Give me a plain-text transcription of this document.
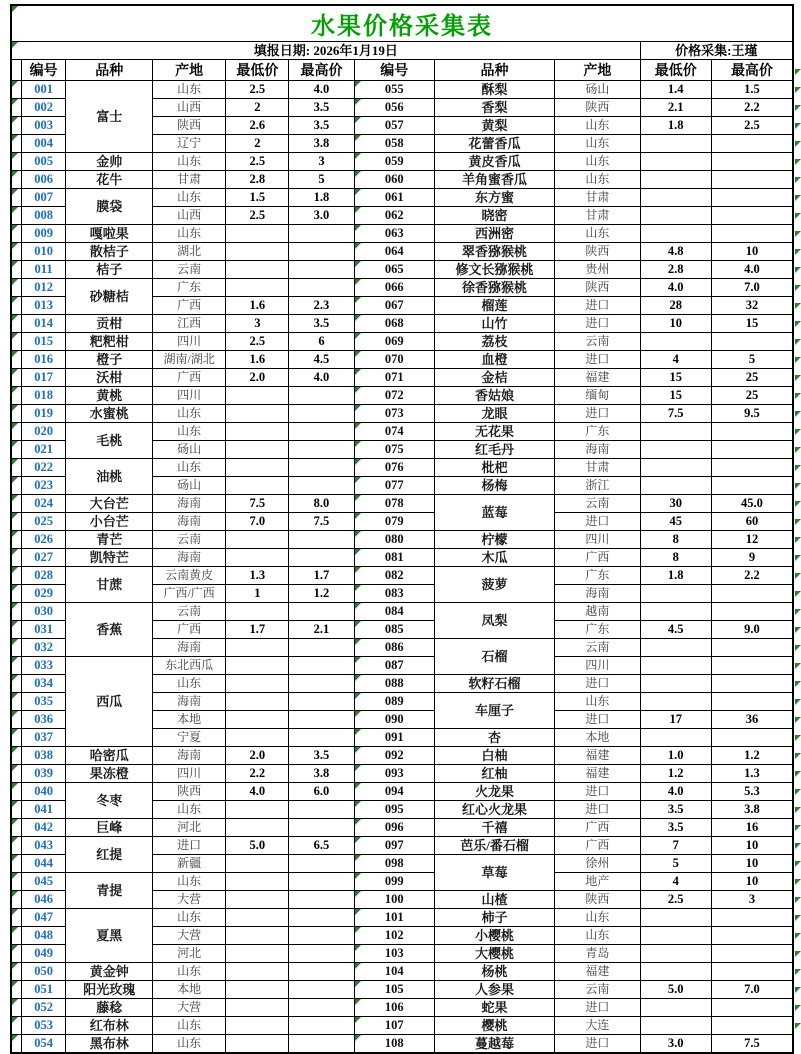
水果价格采集表										

填报日期: 2026年1月19日									价格采集:王瑾	
	编号	品种	产地	最低价	最高价	编号	品种	产地	最低价	最高价

	001	富士	山东	2.5	4.0	055	酥梨	砀山	1.4	1.5

	002		山西	2	3.5	056	香梨	陕西	2.1	2.2

	003		陕西	2.6	3.5	057	黄梨	山东	1.8	2.5

	004		辽宁	2	3.8	058	花蕾香瓜	山东		

	005	金帅	山东	2.5	3	059	黄皮香瓜	山东		

	006	花牛	甘肃	2.8	5	060	羊角蜜香瓜	山东		

	007	膜袋	山东	1.5	1.8	061	东方蜜	甘肃		

	008		山西	2.5	3.0	062	晓密	甘肃		

	009	嘎啦果	山东			063	西洲密	山东		

	010	散桔子	湖北			064	翠香猕猴桃	陕西	4.8	10

	011	桔子	云南			065	修文长猕猴桃	贵州	2.8	4.0

	012	砂糖桔	广东			066	徐香猕猴桃	陕西	4.0	7.0

	013		广西	1.6	2.3	067	榴莲	进口	28	32

	014	贡柑	江西	3	3.5	068	山竹	进口	10	15

	015	粑粑柑	四川	2.5	6	069	荔枝	云南		

	016	橙子	湖南/湖北	1.6	4.5	070	血橙	进口	4	5

	017	沃柑	广西	2.0	4.0	071	金桔	福建	15	25

	018	黄桃	四川			072	香姑娘	缅甸	15	25

	019	水蜜桃	山东			073	龙眼	进口	7.5	9.5

	020	毛桃	山东			074	无花果	广东		

	021		砀山			075	红毛丹	海南		

	022	油桃	山东			076	枇杷	甘肃		

	023		砀山			077	杨梅	浙江		

	024	大台芒	海南	7.5	8.0	078	蓝莓	云南	30	45.0

	025	小台芒	海南	7.0	7.5	079		进口	45	60

	026	青芒	云南			080	柠檬	四川	8	12

	027	凯特芒	海南			081	木瓜	广西	8	9

	028	甘蔗	云南黄皮	1.3	1.7	082	菠萝	广东	1.8	2.2

	029		广西/广西	1	1.2	083		海南		

	030	香蕉	云南			084	凤梨	越南		

	031		广西	1.7	2.1	085		广东	4.5	9.0

	032		海南			086	石榴	云南		

	033	西瓜	东北西瓜			087		四川		

	034		山东			088	软籽石榴	进口		

	035		海南			089	车厘子	山东		

	036		本地			090		进口	17	36

	037		宁夏			091	杏	本地		

	038	哈密瓜	海南	2.0	3.5	092	白柚	福建	1.0	1.2

	039	果冻橙	四川	2.2	3.8	093	红柚	福建	1.2	1.3

	040	冬枣	陕西	4.0	6.0	094	火龙果	进口	4.0	5.3

	041		山东			095	红心火龙果	进口	3.5	3.8

	042	巨峰	河北			096	千禧	广西	3.5	16

	043	红提	进口	5.0	6.5	097	芭乐/番石榴	广西	7	10

	044		新疆			098	草莓	徐州	5	10

	045	青提	山东			099		地产	4	10

	046		大营			100	山楂	陕西	2.5	3

	047	夏黑	山东			101	柿子	山东		

	048		大营			102	小樱桃	山东		

	049		河北			103	大樱桃	青岛		

	050	黄金钟	山东			104	杨桃	福建		

	051	阳光玫瑰	本地			105	人参果	云南	5.0	7.0

	052	藤稔	大营			106	蛇果	进口		

	053	红布林	山东			107	樱桃	大连		

	054	黑布林	山东			108	蔓越莓	进口	3.0	7.5
